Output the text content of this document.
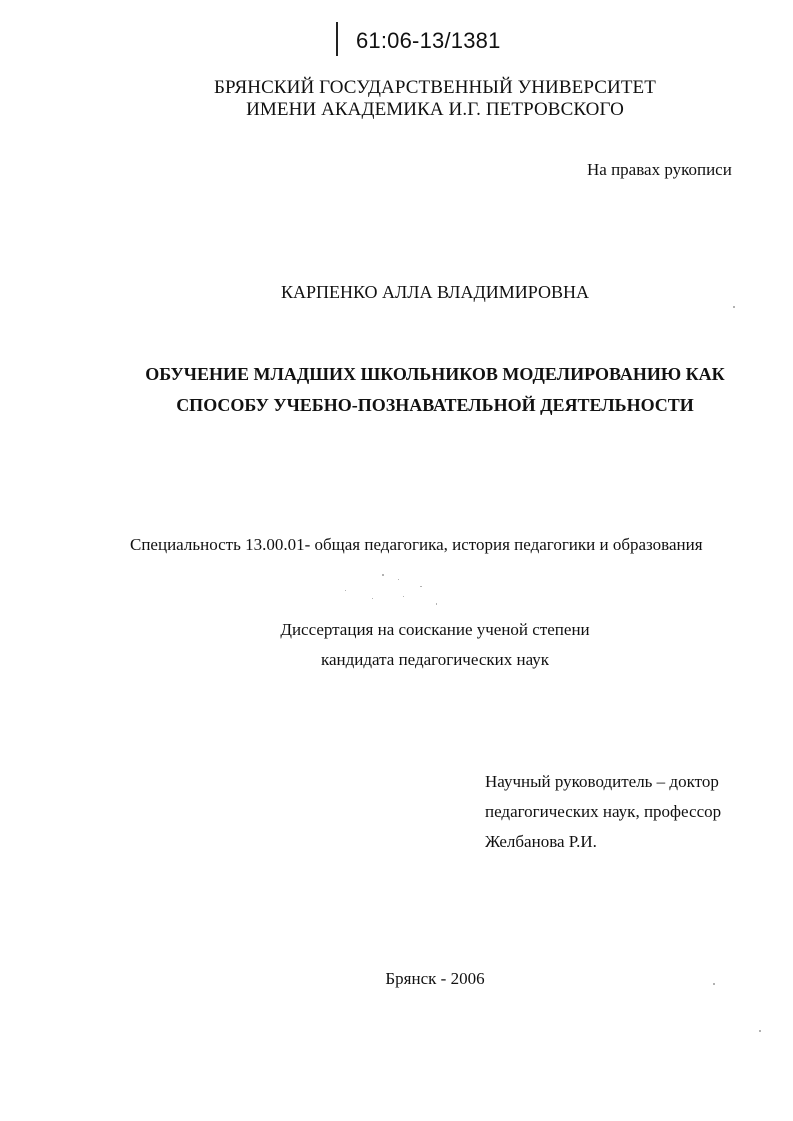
61:06-13/1381
БРЯНСКИЙ ГОСУДАРСТВЕННЫЙ УНИВЕРСИТЕТ
ИМЕНИ АКАДЕМИКА И.Г. ПЕТРОВСКОГО
На правах рукописи
КАРПЕНКО АЛЛА ВЛАДИМИРОВНА
ОБУЧЕНИЕ МЛАДШИХ ШКОЛЬНИКОВ МОДЕЛИРОВАНИЮ КАК
СПОСОБУ УЧЕБНО-ПОЗНАВАТЕЛЬНОЙ ДЕЯТЕЛЬНОСТИ
Специальность 13.00.01- общая педагогика, история педагогики и образования
Диссертация на соискание ученой степени
кандидата педагогических наук
Научный руководитель – доктор
педагогических наук, профессор
Желбанова Р.И.
Брянск - 2006
